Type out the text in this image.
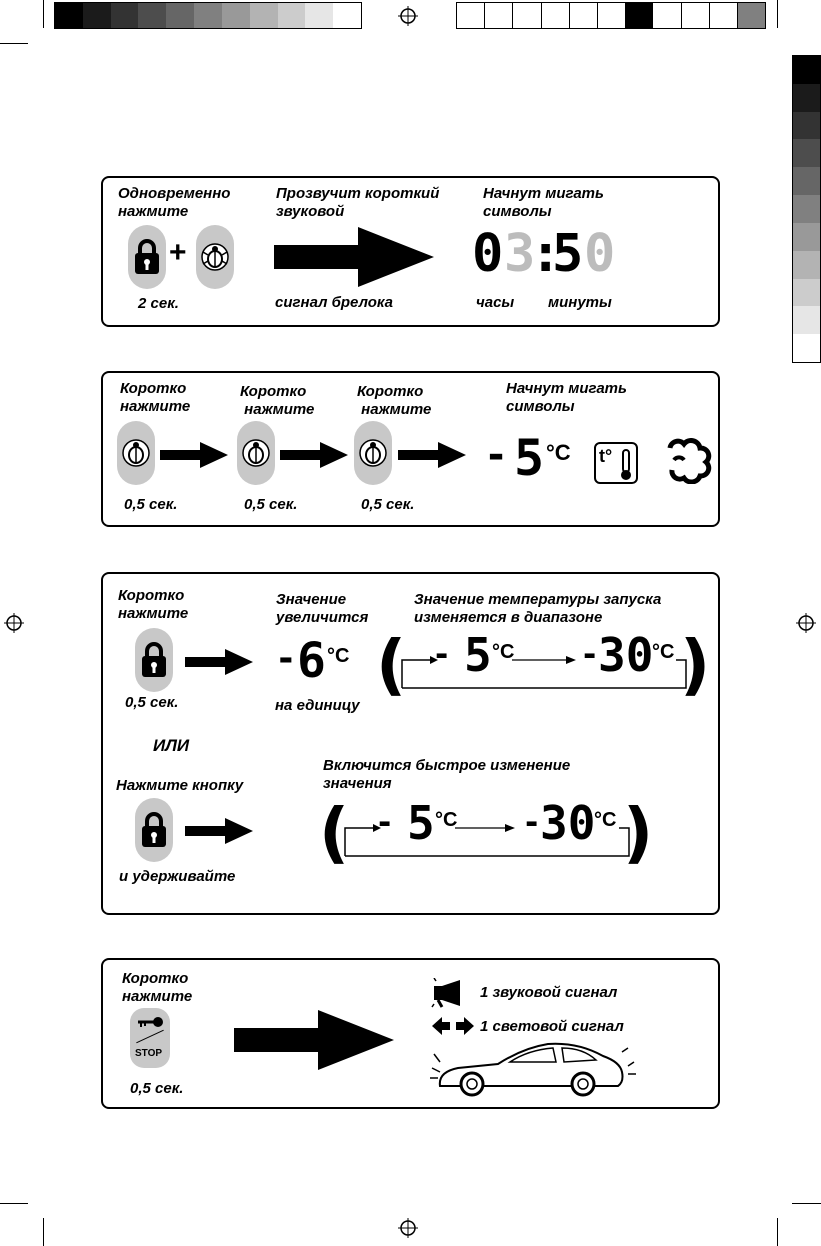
Одновременно
нажмите
Прозвучит короткий
звуковой
Начнут мигать
символы
+
2 сек.	сигнал брелока
0 3
:
5 0
часы минуты
Коротко
нажмите
Коротко
нажмите
Коротко
нажмите
Начнут мигать
символы
0,5 сек.	0,5 сек.	0,5 сек.
- 5 °C t°
Коротко
нажмите
Значение
увеличится
Значение температуры запуска
изменяется в диапазоне
0,5 сек.
- 6 °C
на единицу
(	)
- 5 °C -
30
°C
ИЛИ
Нажмите кнопку
и удерживайте
Включится быстрое изменение
значения
(	)
- 5 °C -
30
°C
Коротко
нажмите
STOP
0,5 сек.
1 звуковой сигнал
1 световой сигнал
